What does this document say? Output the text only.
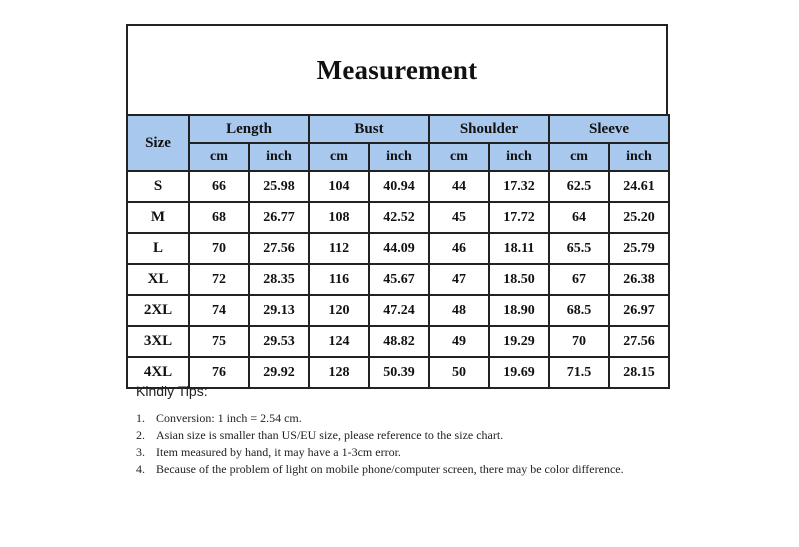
Measurement
Size	Length		Bust		Shoulder		Sleeve	
	cm	inch	cm	inch	cm	inch	cm	inch
S	66	25.98	104	40.94	44	17.32	62.5	24.61
M	68	26.77	108	42.52	45	17.72	64	25.20
L	70	27.56	112	44.09	46	18.11	65.5	25.79
XL	72	28.35	116	45.67	47	18.50	67	26.38
2XL	74	29.13	120	47.24	48	18.90	68.5	26.97
3XL	75	29.53	124	48.82	49	19.29	70	27.56
4XL	76	29.92	128	50.39	50	19.69	71.5	28.15
Kindly Tips:
1. Conversion: 1 inch = 2.54 cm.
2. Asian size is smaller than US/EU size, please reference to the size chart.
3. Item measured by hand, it may have a 1-3cm error.
4. Because of the problem of light on mobile phone/computer screen, there may be color difference.
